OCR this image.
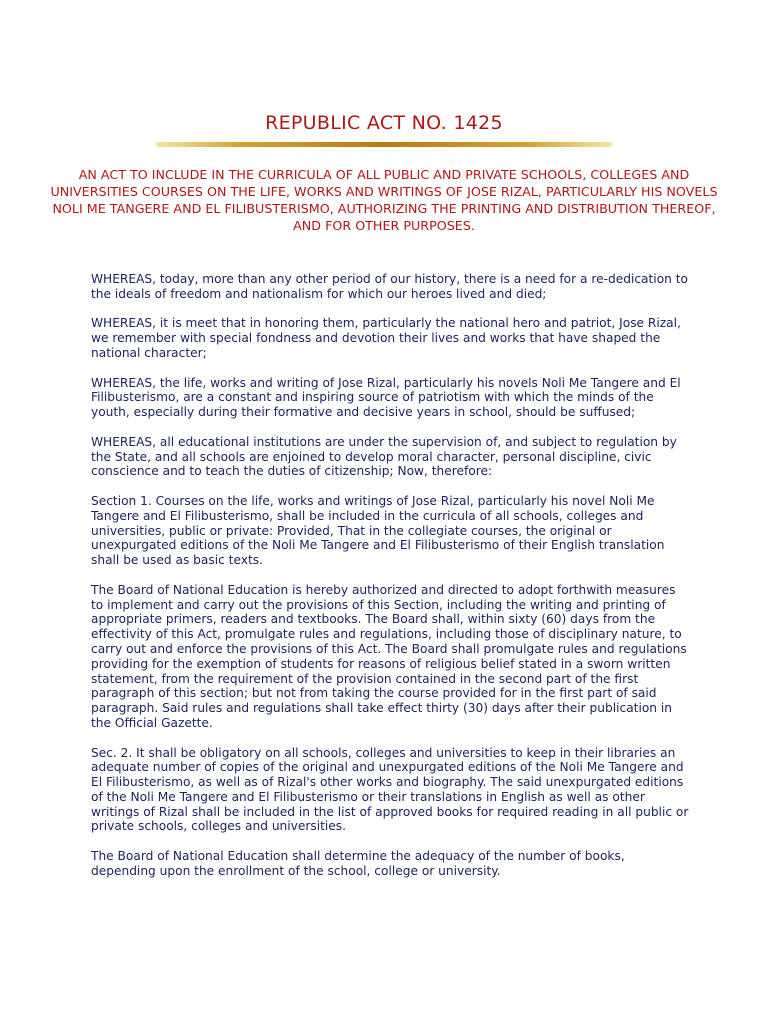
REPUBLIC ACT NO. 1425
AN ACT TO INCLUDE IN THE CURRICULA OF ALL PUBLIC AND PRIVATE SCHOOLS, COLLEGES AND UNIVERSITIES COURSES ON THE LIFE, WORKS AND WRITINGS OF JOSE RIZAL, PARTICULARLY HIS NOVELS NOLI ME TANGERE AND EL FILIBUSTERISMO, AUTHORIZING THE PRINTING AND DISTRIBUTION THEREOF, AND FOR OTHER PURPOSES.

WHEREAS, today, more than any other period of our history, there is a need for a re-dedication to the ideals of freedom and nationalism for which our heroes lived and died;

WHEREAS, it is meet that in honoring them, particularly the national hero and patriot, Jose Rizal, we remember with special fondness and devotion their lives and works that have shaped the national character;

WHEREAS, the life, works and writing of Jose Rizal, particularly his novels Noli Me Tangere and El Filibusterismo, are a constant and inspiring source of patriotism with which the minds of the youth, especially during their formative and decisive years in school, should be suffused;

WHEREAS, all educational institutions are under the supervision of, and subject to regulation by the State, and all schools are enjoined to develop moral character, personal discipline, civic conscience and to teach the duties of citizenship; Now, therefore:

Section 1. Courses on the life, works and writings of Jose Rizal, particularly his novel Noli Me Tangere and El Filibusterismo, shall be included in the curricula of all schools, colleges and universities, public or private: Provided, That in the collegiate courses, the original or unexpurgated editions of the Noli Me Tangere and El Filibusterismo of their English translation shall be used as basic texts.

The Board of National Education is hereby authorized and directed to adopt forthwith measures to implement and carry out the provisions of this Section, including the writing and printing of appropriate primers, readers and textbooks. The Board shall, within sixty (60) days from the effectivity of this Act, promulgate rules and regulations, including those of disciplinary nature, to carry out and enforce the provisions of this Act. The Board shall promulgate rules and regulations providing for the exemption of students for reasons of religious belief stated in a sworn written statement, from the requirement of the provision contained in the second part of the first paragraph of this section; but not from taking the course provided for in the first part of said paragraph. Said rules and regulations shall take effect thirty (30) days after their publication in the Official Gazette.

Sec. 2. It shall be obligatory on all schools, colleges and universities to keep in their libraries an adequate number of copies of the original and unexpurgated editions of the Noli Me Tangere and El Filibusterismo, as well as of Rizal's other works and biography. The said unexpurgated editions of the Noli Me Tangere and El Filibusterismo or their translations in English as well as other writings of Rizal shall be included in the list of approved books for required reading in all public or private schools, colleges and universities.

The Board of National Education shall determine the adequacy of the number of books, depending upon the enrollment of the school, college or university.
